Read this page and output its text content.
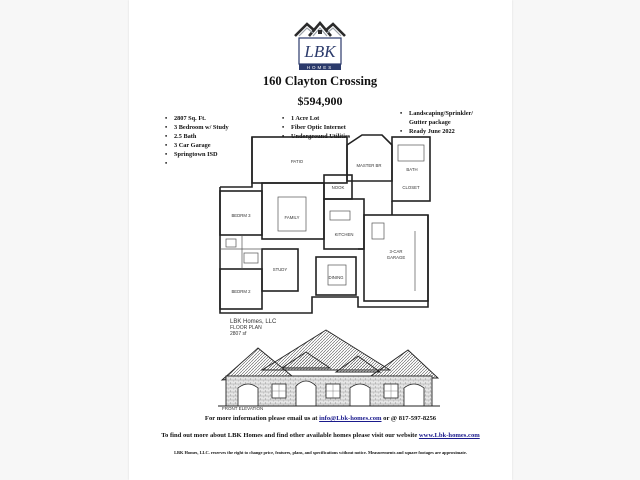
LBK
HOMES
160 Clayton Crossing
$594,900
• 2807 Sq. Ft.
• 3 Bedroom w/ Study
• 2.5 Bath
• 3 Car Garage
• Springtown ISD
• 1 Acre Lot
• Fiber Optic Internet
• Underground Utilities
• Landscaping/Sprinkler/
Gutter package
• Ready June 2022
PATIO
MASTER BR
BATH
CLOSET
FAMILY
NOOK
KITCHEN
BEDRM 3
BEDRM 2
STUDY
DINING
3-CAR
GARAGE
LBK Homes, LLC
FLOOR PLAN
2807 sf
FRONT ELEVATION
For more information please email us at info@Lbk-homes.com or @ 817-597-8256
To find out more about LBK Homes and find other available homes please visit our website www.Lbk-homes.com
LBK Homes, LLC. reserves the right to change price, features, plans, and specifications without notice. Measurements and square footages are approximate.
